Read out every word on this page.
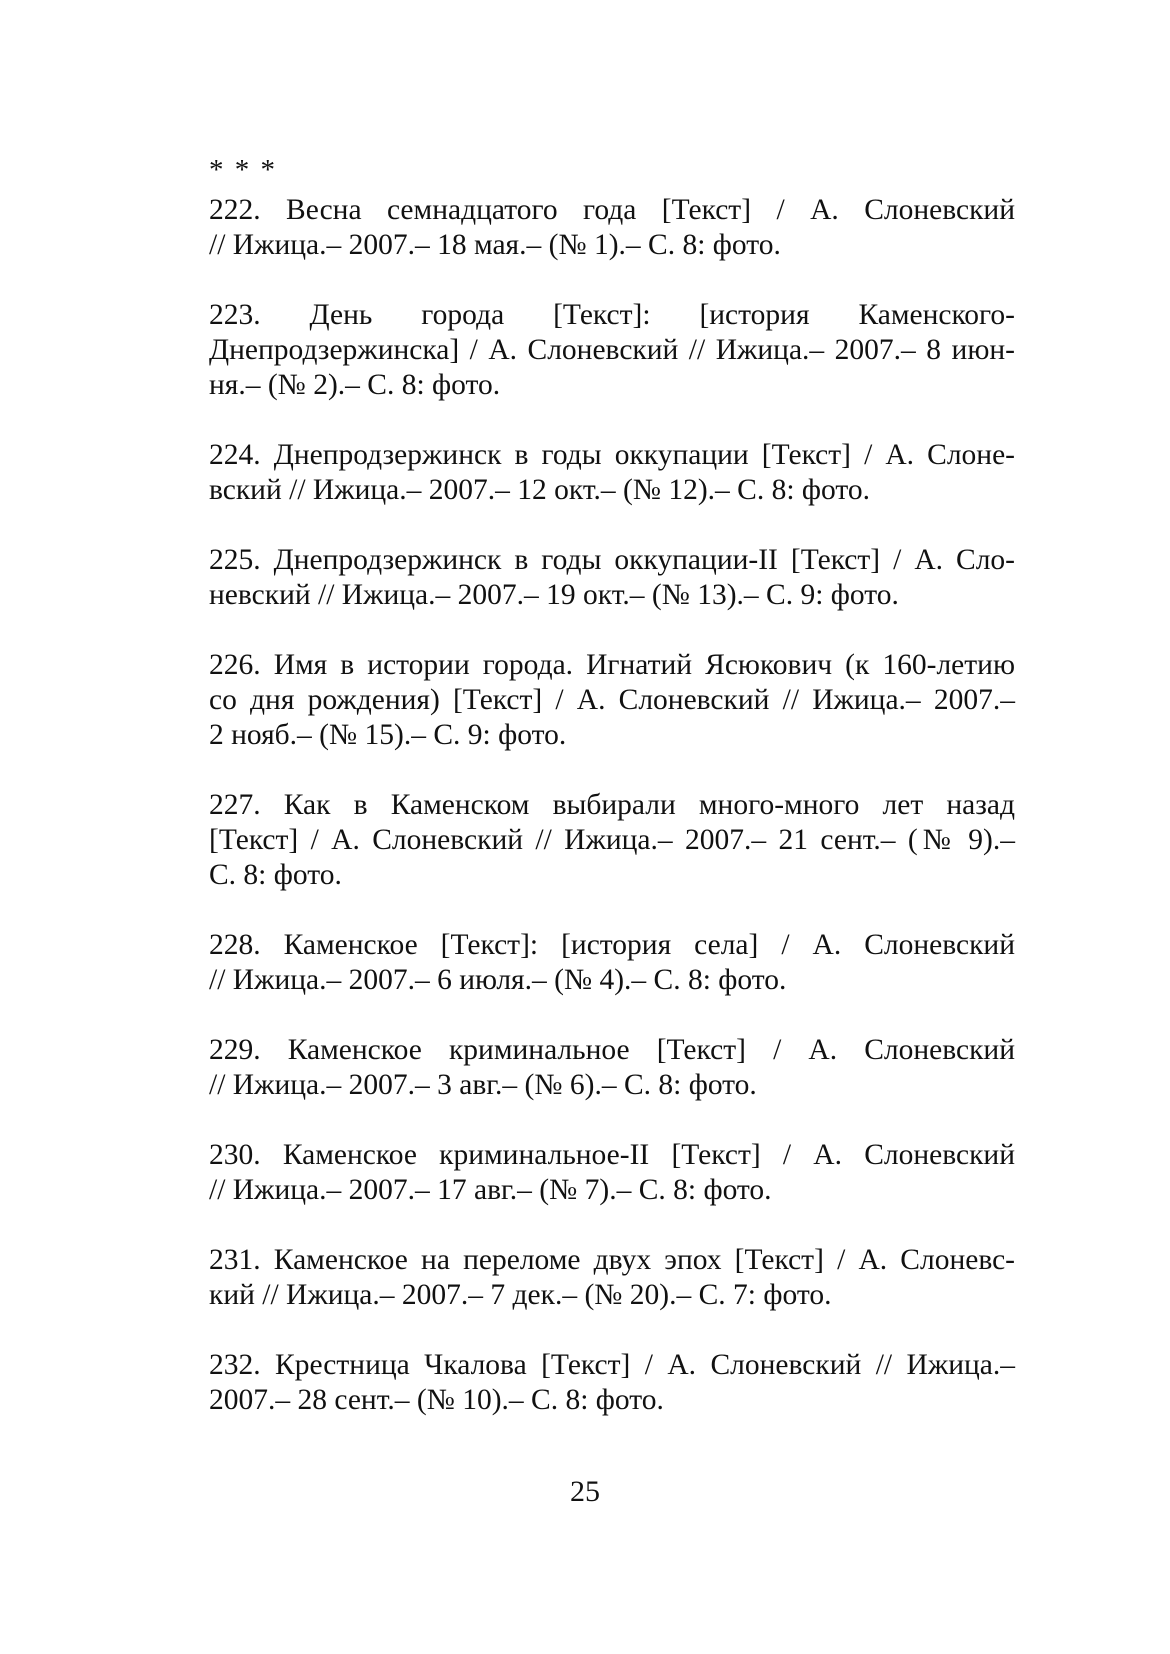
* * *

222. Весна семнадцатого года [Текст] / А. Слоневский
// Ижица.– 2007.– 18 мая.– (№ 1).– С. 8: фото.

223. День города [Текст]: [история Каменского-
Днепродзержинска] / А. Слоневский // Ижица.– 2007.– 8 июн-
ня.– (№ 2).– С. 8: фото.

224. Днепродзержинск в годы оккупации [Текст] / А. Слоне-
вский // Ижица.– 2007.– 12 окт.– (№ 12).– С. 8: фото.

225. Днепродзержинск в годы оккупации-II [Текст] / А. Сло-
невский // Ижица.– 2007.– 19 окт.– (№ 13).– С. 9: фото.

226. Имя в истории города. Игнатий Ясюкович (к 160-летию
со дня рождения) [Текст] / А. Слоневский // Ижица.– 2007.–
2 нояб.– (№ 15).– С. 9: фото.

227. Как в Каменском выбирали много-много лет назад
[Текст] / А. Слоневский // Ижица.– 2007.– 21 сент.– (№ 9).–
С. 8: фото.

228. Каменское [Текст]: [история села] / А. Слоневский
// Ижица.– 2007.– 6 июля.– (№ 4).– С. 8: фото.

229. Каменское криминальное [Текст] / А. Слоневский
// Ижица.– 2007.– 3 авг.– (№ 6).– С. 8: фото.

230. Каменское криминальное-II [Текст] / А. Слоневский
// Ижица.– 2007.– 17 авг.– (№ 7).– С. 8: фото.

231. Каменское на переломе двух эпох [Текст] / А. Слоневс-
кий // Ижица.– 2007.– 7 дек.– (№ 20).– С. 7: фото.

232. Крестница Чкалова [Текст] / А. Слоневский // Ижица.–
2007.– 28 сент.– (№ 10).– С. 8: фото.

25
